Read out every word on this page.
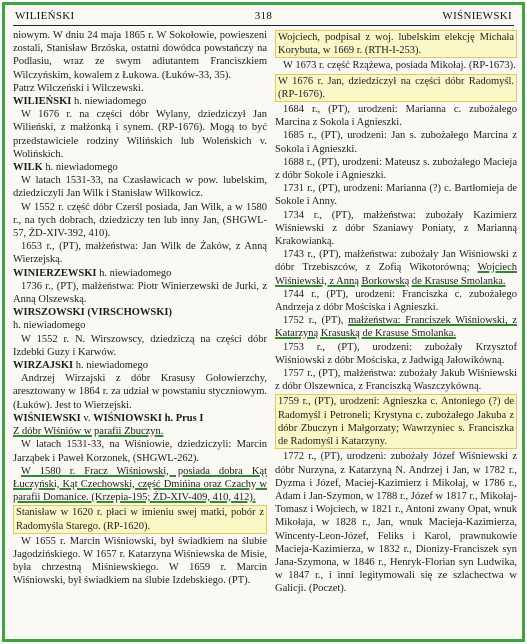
WILIEŃSKI	318	WIŚNIEWSKI

niowym. W dniu 24 maja 1865 r. W Sokołowie, powieszeni zostali, Stanisław Brzóska, ostatni dowódca powstańczy na Podlasiu, wraz ze swym adiutantem Franciszkiem Wilczyńskim, kowalem z Łukowa. (Łuków-33, 35).

Patrz Wilczeński i Wilczewski.

WILIEŃSKI h. niewiadomego

W 1676 r. na części dóbr Wylany, dziedziczył Jan Wilieński, z małżonką i synem. (RP-1676). Mogą to być przedstawiciele rodziny Wilińskich lub Woleńskich v. Wolińskich.

WILK h. niewiadomego

W latach 1531-33, na Czasławicach w pow. lubelskim, dziedziczyli Jan Wilk i Stanisław Wilkowicz.

W 1552 r. część dóbr Czerśl posiada, Jan Wilk, a w 1580 r., na tych dobrach, dziedziczy ten lub inny Jan, (SHGWL-57, ŻD-XIV-392, 410).

1653 r., (PT), małżeństwa: Jan Wilk de Żaków, z Anną Wierzejską.

WINIERZEWSKI h. niewiadomego

1736 r., (PT), małżeństwa: Piotr Winierzewski de Jurki, z Anną Olszewską.

WIRSZOWSKI (VIRSCHOWSKI)

h. niewiadomego

W 1552 r. N. Wirszowscy, dziedziczą na części dóbr Izdebki Guzy i Karwów.

WIRZAJSKI h. niewiadomego

Andrzej Wirzajski z dóbr Krasusy Gołowierzchy, aresztowany w 1864 r. za udział w powstaniu styczniowym. (Łuków). Jest to Wierzejski.

WIŚNIEWSKI v. WIŚNIOWSKI h. Prus I

Z dóbr Wiśniów w parafii Zbuczyn.

W latach 1531-33, na Wiśniowie, dziedziczyli: Marcin Jarząbek i Paweł Korzonek, (SHGWL-262).

W 1580 r. Fracz Wiśniowski, posiada dobra Kąt Łuczyński, Kąt Czechowski, część Dmińina oraz Czachy w parafii Domanice. (Krzepia-195; ŻD-XIV-409, 410, 412).

Stanisław w 1620 r. płaci w imieniu swej matki, pobór z Radomyśla Starego. (RP-1620).

W 1655 r. Marcin Wiśniowski, był świadkiem na ślubie Jagodzińskiego. W 1657 r. Katarzyna Wiśniewska de Misie, była chrzestną Miśniewskiego. W 1659 r. Marcin Wiśniowski, był świadkiem na ślubie Izdebskiego. (PT).

Wojciech, podpisał z woj. lubelskim elekcję Michała Korybuta, w 1669 r. (RTH-I-253).

W 1673 r. część Rzążewa, posiada Mikołaj. (RP-1673).

W 1676 r. Jan, dziedziczył na części dóbr Radomyśl. (RP-1676).

1684 r., (PT), urodzeni: Marianna c. zubożałego Marcina z Sokola i Agnieszki.

1685 r., (PT), urodzeni: Jan s. zubożałego Marcina z Sokola i Agnieszki.

1688 r., (PT), urodzeni: Mateusz s. zubożałego Macieja z dóbr Sokole i Agnieszki.

1731 r., (PT), urodzeni: Marianna (?) c. Bartłomieja de Sokole i Anny.

1734 r., (PT), małżeństwa: zubożały Kazimierz Wiśniewski z dóbr Szaniawy Poniaty, z Marianną Krakowianką.

1743 r., (PT), małżeństwa: zubożały Jan Wiśniowski z dóbr Trzebiszców, z Zofią Wikotorówną; Wojciech Wiśniewski, z Anną Borkowską de Krasuse Smolanka.

1744 r., (PT), urodzeni: Franciszka c. zubożałego Andrzeja z dóbr Mościska i Agnieszki.

1752 r., (PT), małżeństwa: Franciszek Wiśniowski, z Katarzyną Krasuską de Krasuse Smolanka.

1753 r., (PT), urodzeni: zubożały Krzysztof Wiśniowski z dóbr Mościska, z Jadwigą Jałowikówną.

1757 r., (PT), małżeństwa: zubożały Jakub Wiśniewski z dóbr Olszewnica, z Franciszką Waszczykówną.

1759 r., (PT), urodzeni: Agnieszka c. Antoniego (?) de Radomyśl i Petroneli; Krystyna c. zubożałego Jakuba z dóbr Zbuczyn i Małgorzaty; Wawrzyniec s. Franciszka de Radomyśl i Katarzyny.

1772 r., (PT), urodzeni: zubożały Józef Wiśniewski z dóbr Nurzyna, z Katarzyną N. Andrzej i Jan, w 1782 r., Dyzma i Józef, Maciej-Kazimierz i Mikołaj, w 1786 r., Adam i Jan-Szymon, w 1788 r., Józef w 1817 r., Mikołaj-Tomasz i Wojciech, w 1821 r., Antoni zwany Opat, wnuk Mikołaja, w 1828 r., Jan, wnuk Macieja-Kazimierza, Wincenty-Leon-Józef, Feliks i Karol, prawnukowie Macieja-Kazimierza, w 1832 r., Dionizy-Franciszek syn Jana-Szymona, w 1846 r., Henryk-Florian syn Ludwika, w 1847 r., i inni legitymowali się ze szlachectwa w Galicji. (Poczet).
